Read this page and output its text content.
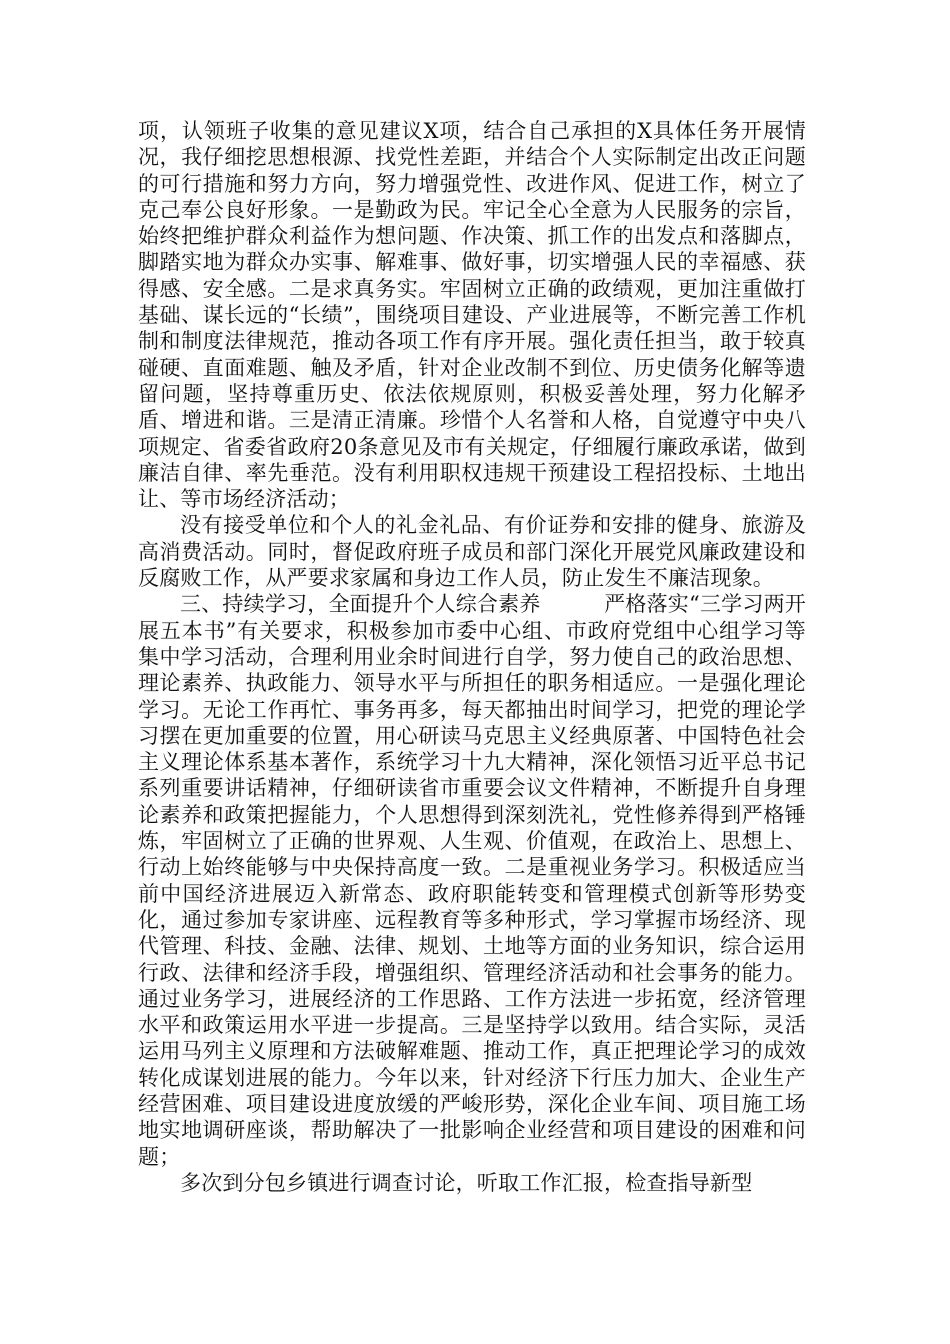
项，认领班子收集的意见建议X项，结合自己承担的X具体任务开展情况，我仔细挖思想根源、找党性差距，并结合个人实际制定出改正问题的可行措施和努力方向，努力增强党性、改进作风、促进工作，树立了克己奉公良好形象。一是勤政为民。牢记全心全意为人民服务的宗旨，始终把维护群众利益作为想问题、作决策、抓工作的出发点和落脚点，脚踏实地为群众办实事、解难事、做好事，切实增强人民的幸福感、获得感、安全感。二是求真务实。牢固树立正确的政绩观，更加注重做打基础、谋长远的“长绩”，围绕项目建设、产业进展等，不断完善工作机制和制度法律规范，推动各项工作有序开展。强化责任担当，敢于较真碰硬、直面难题、触及矛盾，针对企业改制不到位、历史债务化解等遗留问题，坚持尊重历史、依法依规原则，积极妥善处理，努力化解矛盾、增进和谐。三是清正清廉。珍惜个人名誉和人格，自觉遵守中央八项规定、省委省政府20条意见及市有关规定，仔细履行廉政承诺，做到廉洁自律、率先垂范。没有利用职权违规干预建设工程招投标、土地出让、等市场经济活动；

没有接受单位和个人的礼金礼品、有价证券和安排的健身、旅游及高消费活动。同时，督促政府班子成员和部门深化开展党风廉政建设和反腐败工作，从严要求家属和身边工作人员，防止发生不廉洁现象。

三、持续学习，全面提升个人综合素养　　　严格落实“三学习两开展五本书”有关要求，积极参加市委中心组、市政府党组中心组学习等集中学习活动，合理利用业余时间进行自学，努力使自己的政治思想、理论素养、执政能力、领导水平与所担任的职务相适应。一是强化理论学习。无论工作再忙、事务再多，每天都抽出时间学习，把党的理论学习摆在更加重要的位置，用心研读马克思主义经典原著、中国特色社会主义理论体系基本著作，系统学习十九大精神，深化领悟习近平总书记系列重要讲话精神，仔细研读省市重要会议文件精神，不断提升自身理论素养和政策把握能力，个人思想得到深刻洗礼，党性修养得到严格锤炼，牢固树立了正确的世界观、人生观、价值观，在政治上、思想上、行动上始终能够与中央保持高度一致。二是重视业务学习。积极适应当前中国经济进展迈入新常态、政府职能转变和管理模式创新等形势变化，通过参加专家讲座、远程教育等多种形式，学习掌握市场经济、现代管理、科技、金融、法律、规划、土地等方面的业务知识，综合运用行政、法律和经济手段，增强组织、管理经济活动和社会事务的能力。通过业务学习，进展经济的工作思路、工作方法进一步拓宽，经济管理水平和政策运用水平进一步提高。三是坚持学以致用。结合实际，灵活运用马列主义原理和方法破解难题、推动工作，真正把理论学习的成效转化成谋划进展的能力。今年以来，针对经济下行压力加大、企业生产经营困难、项目建设进度放缓的严峻形势，深化企业车间、项目施工场地实地调研座谈，帮助解决了一批影响企业经营和项目建设的困难和问题；

多次到分包乡镇进行调查讨论，听取工作汇报，检查指导新型
